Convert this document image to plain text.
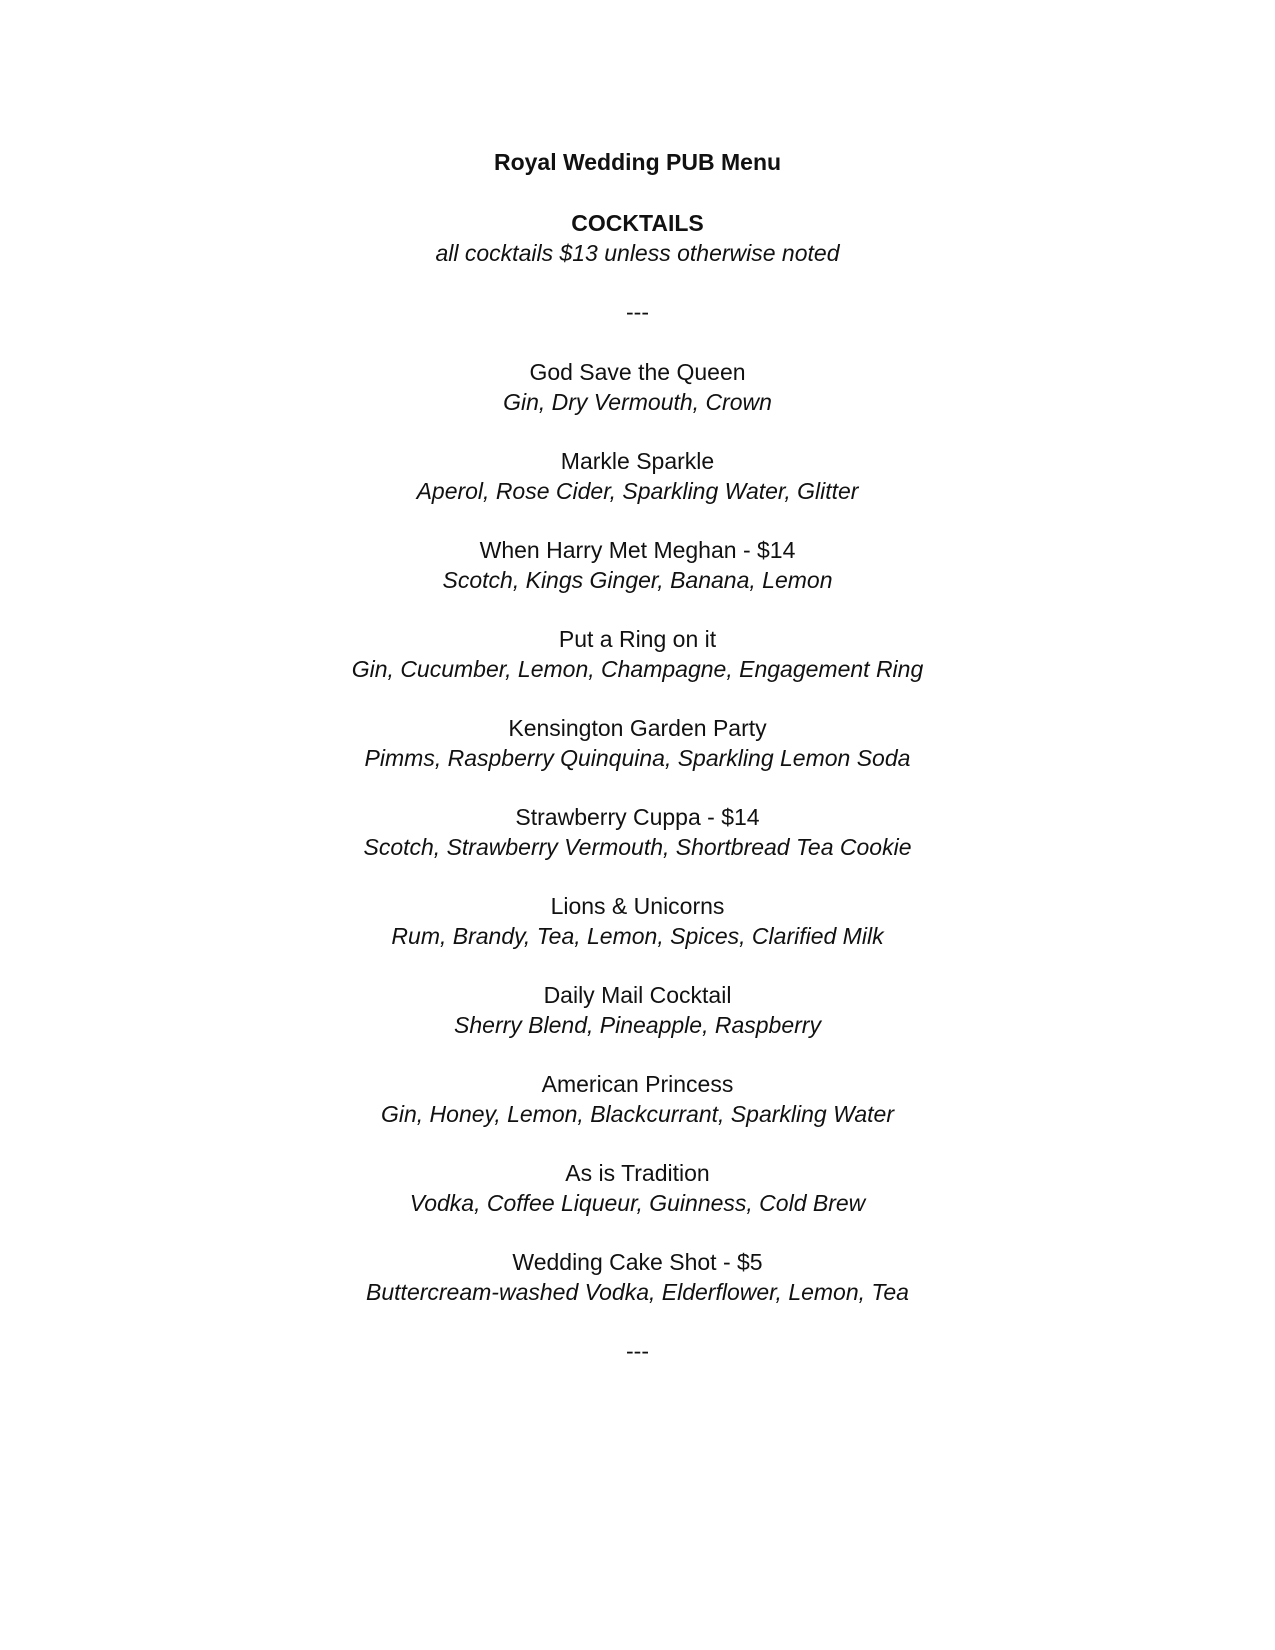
Royal Wedding PUB Menu
COCKTAILS
all cocktails $13 unless otherwise noted
---
God Save the Queen
Gin, Dry Vermouth, Crown
Markle Sparkle
Aperol, Rose Cider, Sparkling Water, Glitter
When Harry Met Meghan - $14
Scotch, Kings Ginger, Banana, Lemon
Put a Ring on it
Gin, Cucumber, Lemon, Champagne, Engagement Ring
Kensington Garden Party
Pimms, Raspberry Quinquina, Sparkling Lemon Soda
Strawberry Cuppa - $14
Scotch, Strawberry Vermouth, Shortbread Tea Cookie
Lions & Unicorns
Rum, Brandy, Tea, Lemon, Spices, Clarified Milk
Daily Mail Cocktail
Sherry Blend, Pineapple, Raspberry
American Princess
Gin, Honey, Lemon, Blackcurrant, Sparkling Water
As is Tradition
Vodka, Coffee Liqueur, Guinness, Cold Brew
Wedding Cake Shot - $5
Buttercream-washed Vodka, Elderflower, Lemon, Tea
---
